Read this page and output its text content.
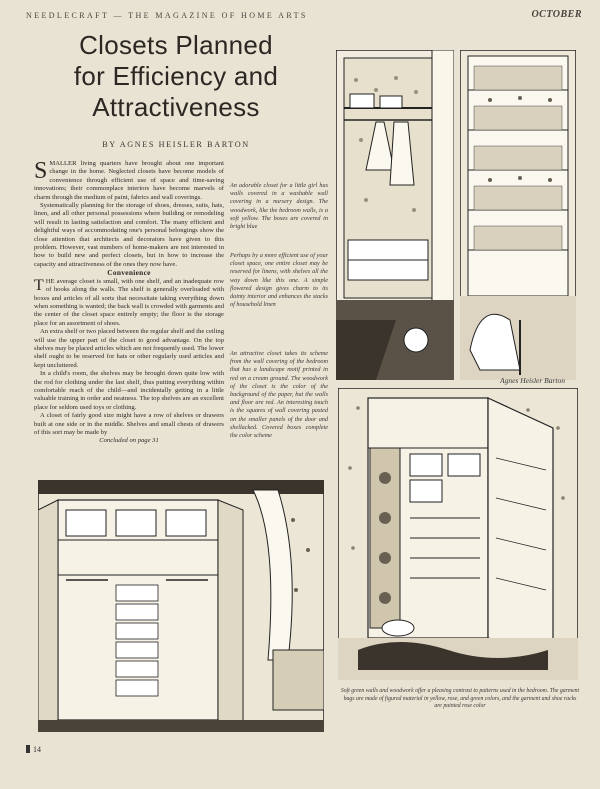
NEEDLECRAFT — THE MAGAZINE OF HOME ARTS	OCTOBER
Closets Planned
for Efficiency and
Attractiveness
BY AGNES HEISLER BARTON

SMALLER living quarters have brought about one important change in the home. Neglected closets have become models of convenience through efficient use of space and time-saving innovations; their commonplace interiors have become marvels of charm through the medium of paint, fabrics and wall coverings.

Systematically planning for the storage of shoes, dresses, suits, hats, linen, and all other personal possessions where building or remodeling will result in lasting satisfaction and comfort. The many efficient and delightful ways of accommodating one's personal belongings show the close attention that architects and decorators have given to this problem. However, vast numbers of home-makers are not interested in how to build new and perfect closets, but in how to increase the capacity and attractiveness of the ones they now have.

Convenience

THE average closet is small, with one shelf, and an inadequate row of hooks along the walls. The shelf is generally overloaded with boxes and articles of all sorts that necessitate taking everything down when something is wanted; the back wall is crowded with garments and the center of the closet space entirely empty; the floor is the storage place for an assortment of shoes.

An extra shelf or two placed between the regular shelf and the ceiling will use the upper part of the closet to good advantage. On the top shelves may be placed articles which are not frequently used. The lower shelf ought to be reserved for hats or other regularly used articles and kept uncluttered.

In a child's room, the shelves may be brought down quite low with the rod for clothing under the last shelf, thus putting everything within comfortable reach of the child—and incidentally getting in a little valuable training in order and neatness. The top shelves are an excellent place for seldom used toys or clothing.

A closet of fairly good size might have a row of shelves or drawers built at one side or in the middle. Shelves and small chests of drawers of this sort may be made by

Concluded on page 31

An adorable closet for a little girl has walls covered in a washable wall covering in a nursery design. The woodwork, like the bedroom walls, is a soft yellow. The boxes are covered in bright blue
Perhaps by a more efficient use of your closet space, one entire closet may be reserved for linens, with shelves all the way down like this one. A simple flowered design gives charm to its dainty interior and enhances the stacks of household linen
An attractive closet takes its scheme from the wall covering of the bedroom that has a landscape motif printed in red on a cream ground. The woodwork of the closet is the color of the background of the paper, but the walls and floor are red. An interesting touch is the squares of wall covering pasted on the smaller panels of the door and shellacked. Covered boxes complete the color scheme
Soft green walls and woodwork offer a pleasing contrast to patterns used in the bedroom. The garment bags are made of figured material in yellow, rose, and green colors, and the garment and shoe racks are painted rose color
Agnes Heisler Barton
14
